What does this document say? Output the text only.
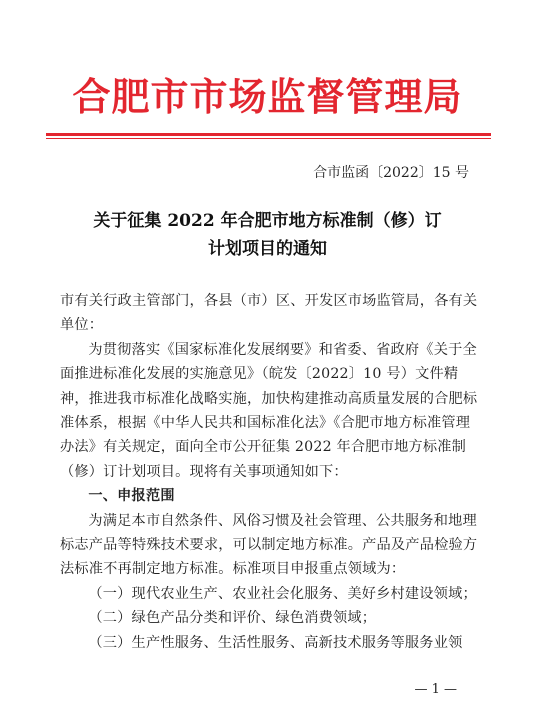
合肥市市场监督管理局
合市监函〔2022〕15 号
关于征集 2022 年合肥市地方标准制（修）订
计划项目的通知

市有关行政主管部门，各县（市）区、开发区市场监管局，各有关单位：

为贯彻落实《国家标准化发展纲要》和省委、省政府《关于全面推进标准化发展的实施意见》（皖发〔2022〕10 号）文件精神，推进我市标准化战略实施，加快构建推动高质量发展的合肥标准体系，根据《中华人民共和国标准化法》《合肥市地方标准管理办法》有关规定，面向全市公开征集 2022 年合肥市地方标准制（修）订计划项目。现将有关事项通知如下：

一、申报范围

为满足本市自然条件、风俗习惯及社会管理、公共服务和地理标志产品等特殊技术要求，可以制定地方标准。产品及产品检验方法标准不再制定地方标准。标准项目申报重点领域为：

（一）现代农业生产、农业社会化服务、美好乡村建设领域；

（二）绿色产品分类和评价、绿色消费领域；

（三）生产性服务、生活性服务、高新技术服务等服务业领

— 1 —
